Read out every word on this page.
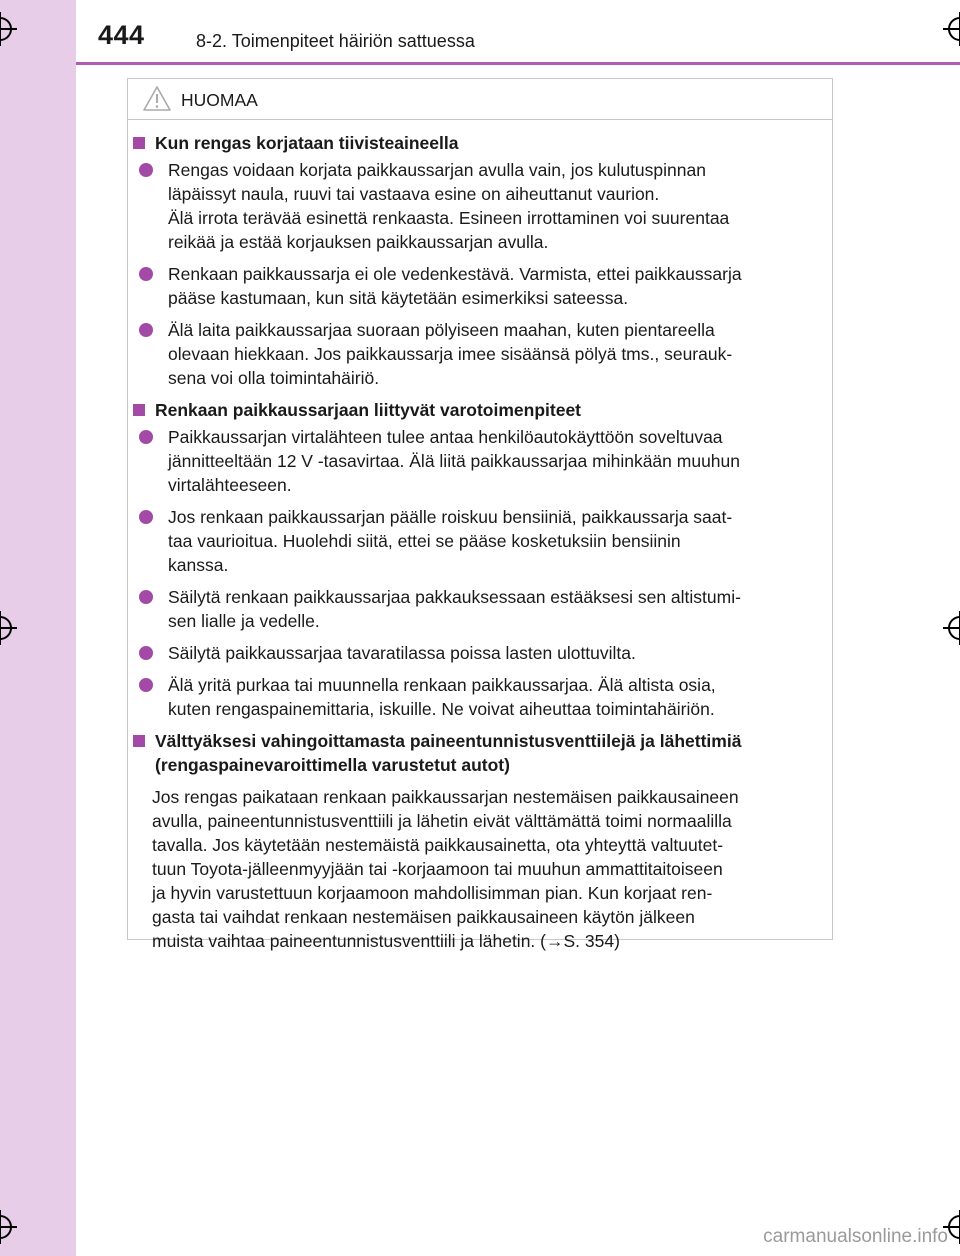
444	8-2. Toimenpiteet häiriön sattuessa
HUOMAA
Kun rengas korjataan tiivisteaineella
Rengas voidaan korjata paikkaussarjan avulla vain, jos kulutuspinnan
läpäissyt naula, ruuvi tai vastaava esine on aiheuttanut vaurion.
Älä irrota terävää esinettä renkaasta. Esineen irrottaminen voi suurentaa
reikää ja estää korjauksen paikkaussarjan avulla.
Renkaan paikkaussarja ei ole vedenkestävä. Varmista, ettei paikkaussarja
pääse kastumaan, kun sitä käytetään esimerkiksi sateessa.
Älä laita paikkaussarjaa suoraan pölyiseen maahan, kuten pientareella
olevaan hiekkaan. Jos paikkaussarja imee sisäänsä pölyä tms., seurauk-
sena voi olla toimintahäiriö.
Renkaan paikkaussarjaan liittyvät varotoimenpiteet
Paikkaussarjan virtalähteen tulee antaa henkilöautokäyttöön soveltuvaa
jännitteeltään 12 V -tasavirtaa. Älä liitä paikkaussarjaa mihinkään muuhun
virtalähteeseen.
Jos renkaan paikkaussarjan päälle roiskuu bensiiniä, paikkaussarja saat-
taa vaurioitua. Huolehdi siitä, ettei se pääse kosketuksiin bensiinin
kanssa.
Säilytä renkaan paikkaussarjaa pakkauksessaan estääksesi sen altistumi-
sen lialle ja vedelle.
Säilytä paikkaussarjaa tavaratilassa poissa lasten ulottuvilta.
Älä yritä purkaa tai muunnella renkaan paikkaussarjaa. Älä altista osia,
kuten rengaspainemittaria, iskuille. Ne voivat aiheuttaa toimintahäiriön.
Välttyäksesi vahingoittamasta paineentunnistusventtiilejä ja lähettimiä
(rengaspainevaroittimella varustetut autot)
Jos rengas paikataan renkaan paikkaussarjan nestemäisen paikkausaineen
avulla, paineentunnistusventtiili ja lähetin eivät välttämättä toimi normaalilla
tavalla. Jos käytetään nestemäistä paikkausainetta, ota yhteyttä valtuutet-
tuun Toyota-jälleenmyyjään tai -korjaamoon tai muuhun ammattitaitoiseen
ja hyvin varustettuun korjaamoon mahdollisimman pian. Kun korjaat ren-
gasta tai vaihdat renkaan nestemäisen paikkausaineen käytön jälkeen
muista vaihtaa paineentunnistusventtiili ja lähetin. (→S. 354)
carmanualsonline.info
